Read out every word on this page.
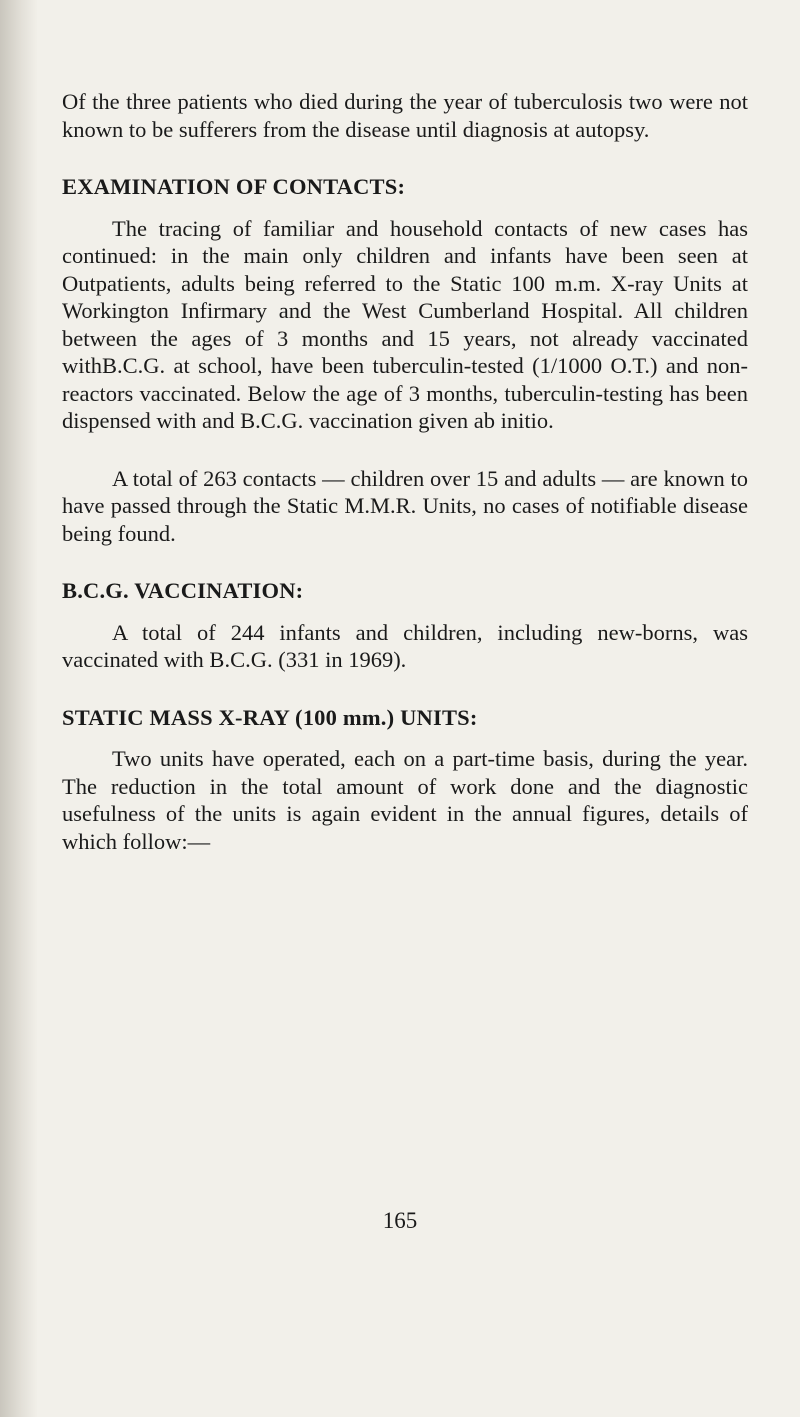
Of the three patients who died during the year of tuberculosis two were not known to be sufferers from the disease until diagnosis at autopsy.

EXAMINATION OF CONTACTS:

The tracing of familiar and household contacts of new cases has continued: in the main only children and infants have been seen at Outpatients, adults being referred to the Static 100 m.m. X-ray Units at Workington Infirmary and the West Cumberland Hospital. All children between the ages of 3 months and 15 years, not already vaccinated withB.C.G. at school, have been tuberculin-tested (1/1000 O.T.) and non-reactors vaccinated. Below the age of 3 months, tuberculin-testing has been dispensed with and B.C.G. vaccination given ab initio.

A total of 263 contacts — children over 15 and adults — are known to have passed through the Static M.M.R. Units, no cases of notifiable disease being found.

B.C.G. VACCINATION:

A total of 244 infants and children, including new-borns, was vaccinated with B.C.G. (331 in 1969).

STATIC MASS X-RAY (100 mm.) UNITS:

Two units have operated, each on a part-time basis, during the year. The reduction in the total amount of work done and the diagnostic usefulness of the units is again evident in the annual figures, details of which follow:—

165
